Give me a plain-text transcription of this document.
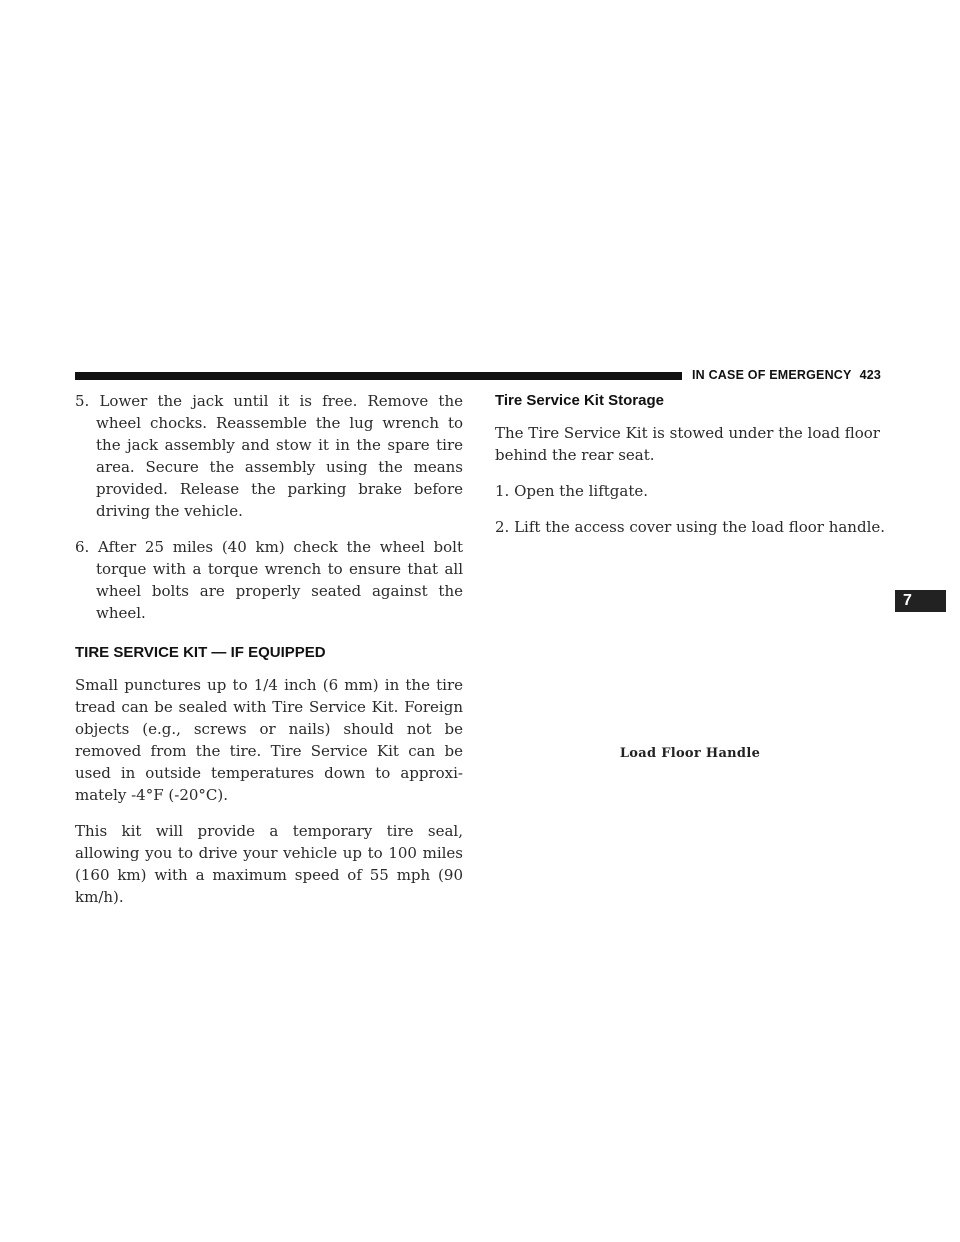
IN CASE OF EMERGENCY 423

5. Lower the jack until it is free. Remove the wheel chocks. Reassemble the lug wrench to the jack assembly and stow it in the spare tire area. Secure the assembly using the means provided. Release the parking brake before driving the vehicle.

6. After 25 miles (40 km) check the wheel bolt torque with a torque wrench to ensure that all wheel bolts are properly seated against the wheel.

TIRE SERVICE KIT — IF EQUIPPED

Small punctures up to 1/4 inch (6 mm) in the tire tread can be sealed with Tire Service Kit. Foreign objects (e.g., screws or nails) should not be removed from the tire. Tire Service Kit can be used in outside temperatures down to approxi-mately -4°F (-20°C).

This kit will provide a temporary tire seal, allowing you to drive your vehicle up to 100 miles (160 km) with a maximum speed of 55 mph (90 km/h).

Tire Service Kit Storage

The Tire Service Kit is stowed under the load floor behind the rear seat.

1. Open the liftgate.

2. Lift the access cover using the load floor handle.

Load Floor Handle
7
